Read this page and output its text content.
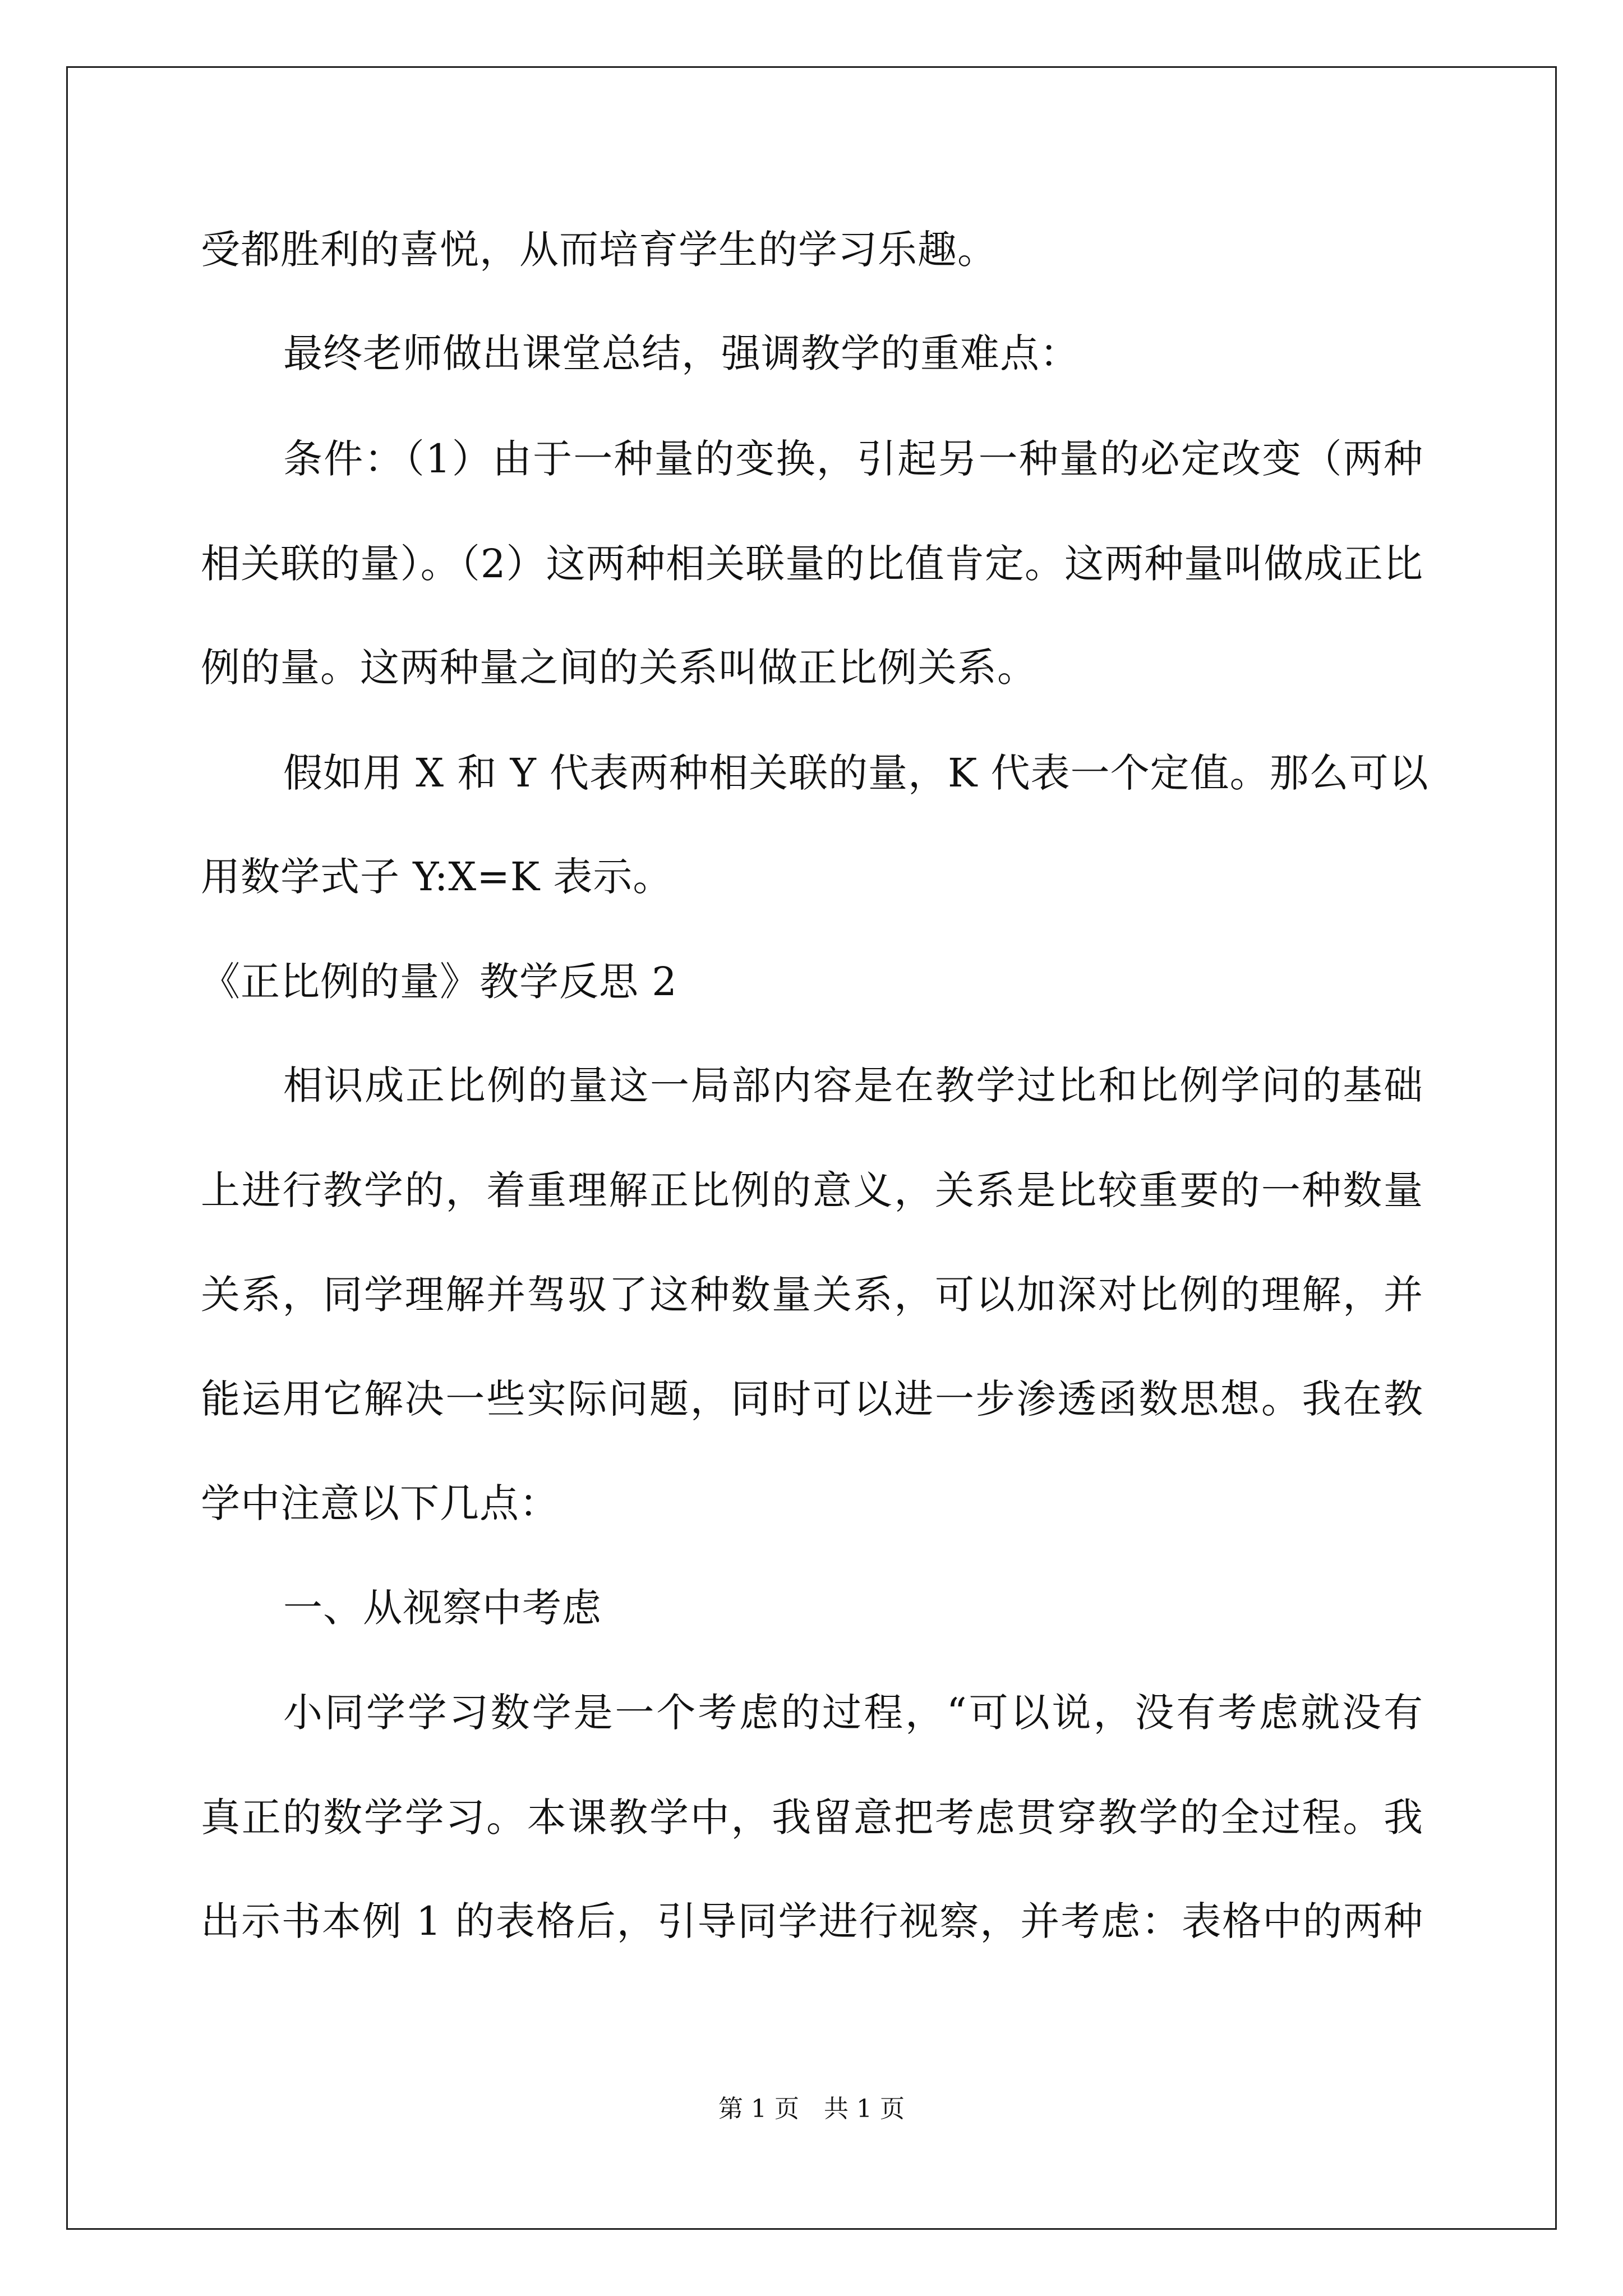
受都胜利的喜悦，从而培育学生的学习乐趣。
最终老师做出课堂总结，强调教学的重难点：
条件：（1）由于一种量的变换，引起另一种量的必定改变（两种
相关联的量）。（2）这两种相关联量的比值肯定。这两种量叫做成正比
例的量。这两种量之间的关系叫做正比例关系。
假如用 X 和 Y 代表两种相关联的量，K 代表一个定值。那么可以
用数学式子 Y:X=K 表示。
《正比例的量》教学反思 2
相识成正比例的量这一局部内容是在教学过比和比例学问的基础
上进行教学的，着重理解正比例的意义，关系是比较重要的一种数量
关系，同学理解并驾驭了这种数量关系，可以加深对比例的理解，并
能运用它解决一些实际问题，同时可以进一步渗透函数思想。我在教
学中注意以下几点：
一、从视察中考虑
小同学学习数学是一个考虑的过程，“可以说，没有考虑就没有
真正的数学学习。本课教学中，我留意把考虑贯穿教学的全过程。我
出示书本例 1 的表格后，引导同学进行视察，并考虑：表格中的两种
第 1 页　共 1 页
